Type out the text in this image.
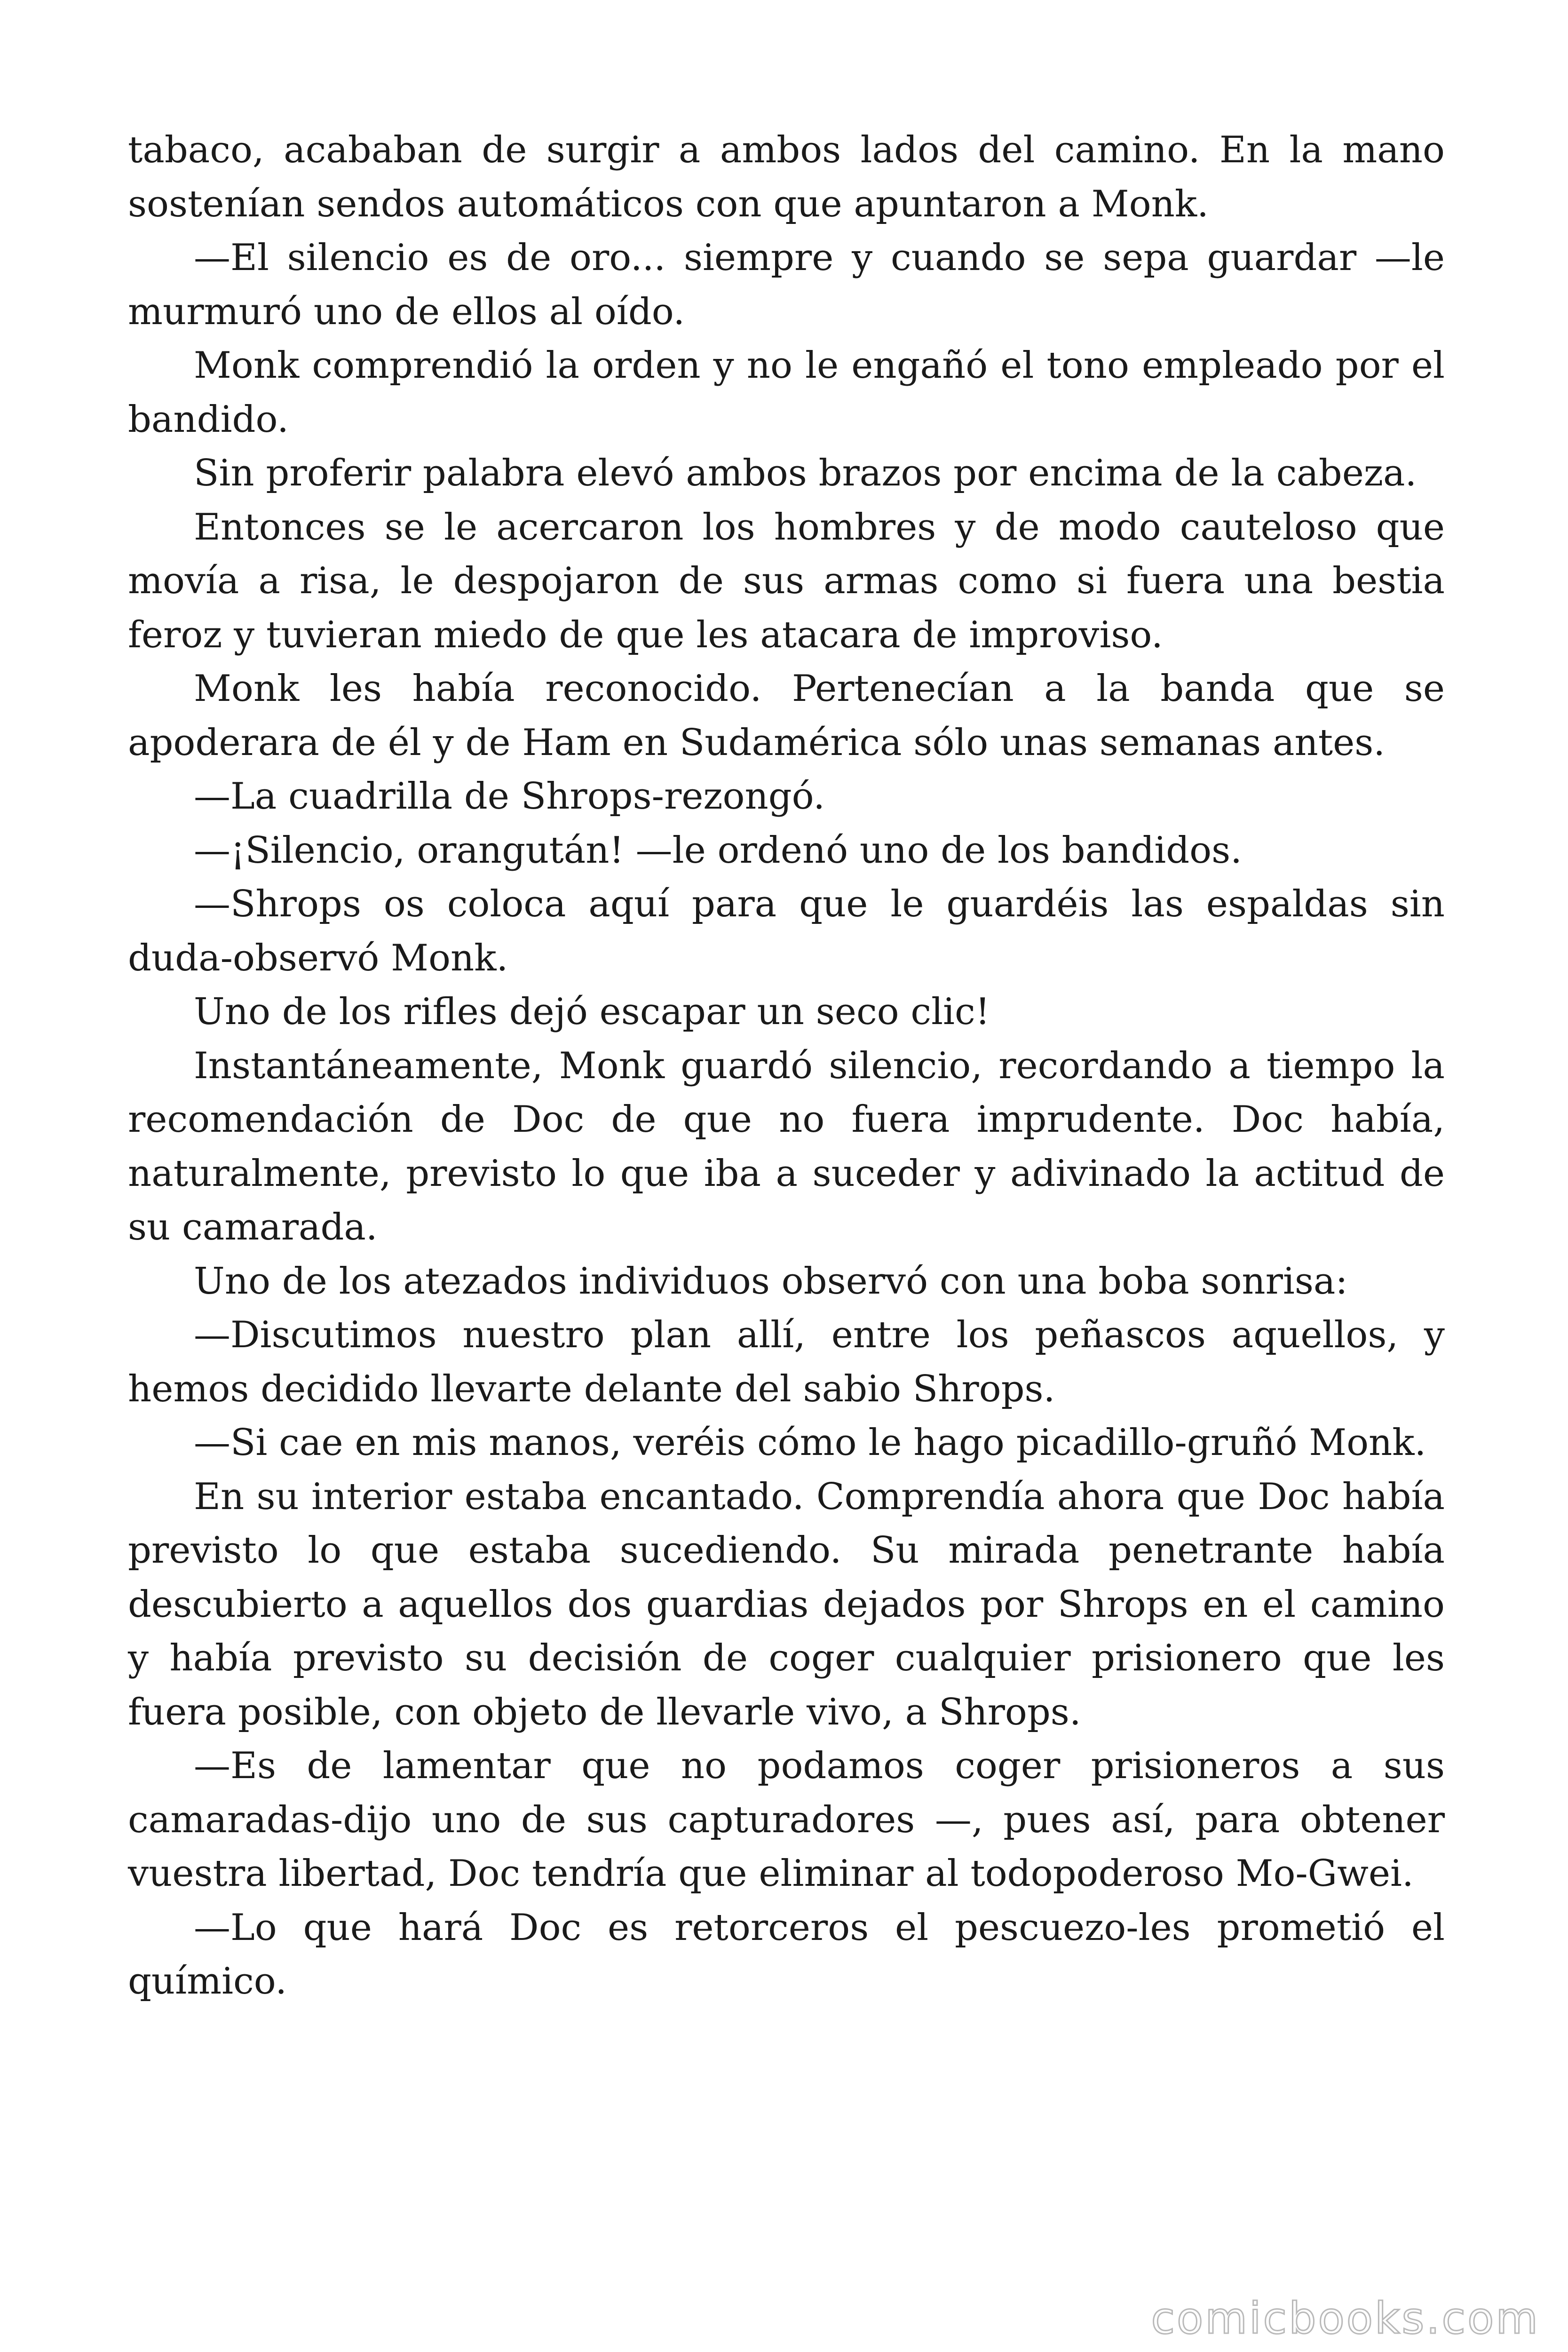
tabaco, acababan de surgir a ambos lados del camino. En la mano sostenían sendos automáticos con que apuntaron a Monk.

—El silencio es de oro... siempre y cuando se sepa guardar —le murmuró uno de ellos al oído.

Monk comprendió la orden y no le engañó el tono empleado por el bandido.

Sin proferir palabra elevó ambos brazos por encima de la cabeza.

Entonces se le acercaron los hombres y de modo cauteloso que movía a risa, le despojaron de sus armas como si fuera una bestia feroz y tuvieran miedo de que les atacara de improviso.

Monk les había reconocido. Pertenecían a la banda que se apoderara de él y de Ham en Sudamérica sólo unas semanas antes.

—La cuadrilla de Shrops-rezongó.

—¡Silencio, orangután! —le ordenó uno de los bandidos.

—Shrops os coloca aquí para que le guardéis las espaldas sin duda-observó Monk.

Uno de los rifles dejó escapar un seco clic!

Instantáneamente, Monk guardó silencio, recordando a tiempo la recomendación de Doc de que no fuera imprudente. Doc había, naturalmente, previsto lo que iba a suceder y adivinado la actitud de su camarada.

Uno de los atezados individuos observó con una boba sonrisa:

—Discutimos nuestro plan allí, entre los peñascos aquellos, y hemos decidido llevarte delante del sabio Shrops.

—Si cae en mis manos, veréis cómo le hago picadillo-gruñó Monk.

En su interior estaba encantado. Comprendía ahora que Doc había previsto lo que estaba sucediendo. Su mirada penetrante había descubierto a aquellos dos guardias dejados por Shrops en el camino y había previsto su decisión de coger cualquier prisionero que les fuera posible, con objeto de llevarle vivo, a Shrops.

—Es de lamentar que no podamos coger prisioneros a sus camaradas-dijo uno de sus capturadores —, pues así, para obtener vuestra libertad, Doc tendría que eliminar al todopoderoso Mo-Gwei.

—Lo que hará Doc es retorceros el pescuezo-les prometió el químico.

comicbooks.com
